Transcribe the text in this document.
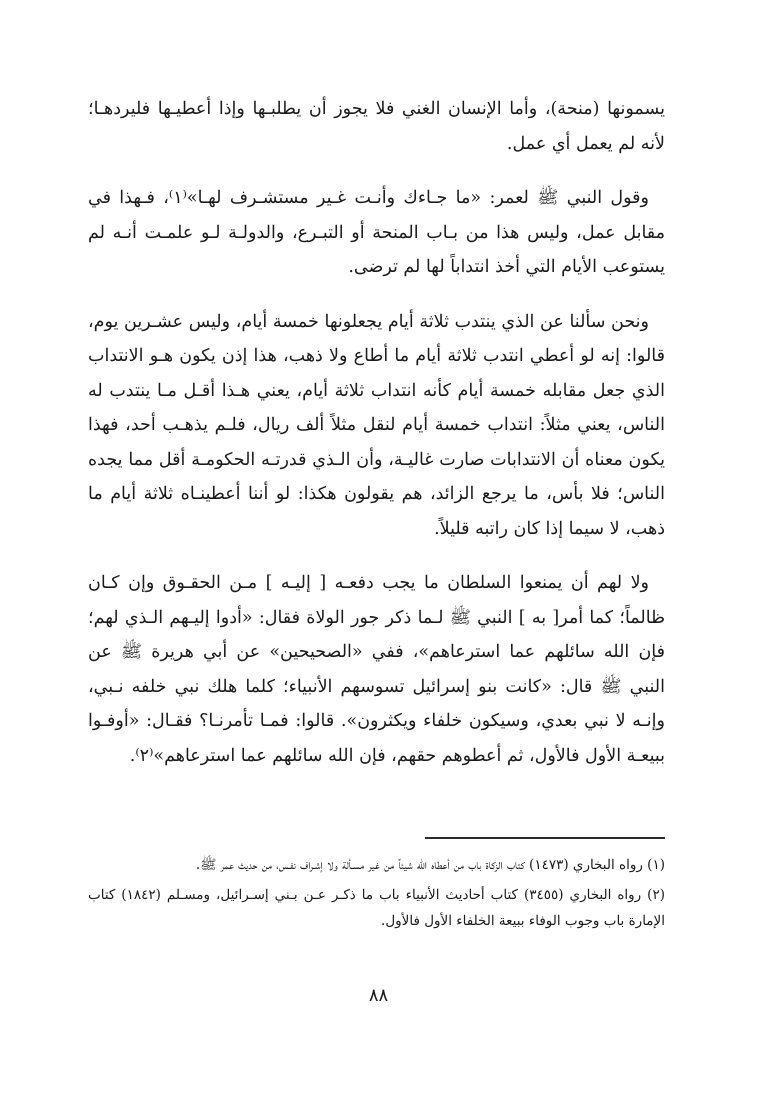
يسمونها (منحة)، وأما الإنسان الغني فلا يجوز أن يطلبـها وإذا أعطيـها فليردهـا؛ لأنه لم يعمل أي عمل.

وقول النبي ﷺ لعمر: «ما جـاءك وأنـت غـير مستشـرف لهـا»⁽١⁾، فـهذا في مقابل عمل، وليس هذا من بـاب المنحة أو التبـرع، والدولـة لـو علمـت أنـه لم يستوعب الأيام التي أخذ انتداباً لها لم ترضى.

ونحن سألنا عن الذي ينتدب ثلاثة أيام يجعلونها خمسة أيام، وليس عشـرين يوم، قالوا: إنه لو أعطي انتدب ثلاثة أيام ما أطاع ولا ذهب، هذا إذن يكون هـو الانتداب الذي جعل مقابله خمسة أيام كأنه انتداب ثلاثة أيام، يعني هـذا أقـل مـا ينتدب له الناس، يعني مثلاً: انتداب خمسة أيام لنقل مثلاً ألف ريال، فلـم يذهـب أحد، فهذا يكون معناه أن الانتدابات صارت غاليـة، وأن الـذي قدرتـه الحكومـة أقل مما يجده الناس؛ فلا بأس، ما يرجع الزائد، هم يقولون هكذا: لو أننا أعطينـاه ثلاثة أيام ما ذهب، لا سيما إذا كان راتبه قليلاً.

ولا لهم أن يمنعوا السلطان ما يجب دفعـه [ إليـه ] مـن الحقـوق وإن كـان ظالماً؛ كما أمر[ به ] النبي ﷺ لـما ذكر جور الولاة فقال: «أدوا إليـهم الـذي لهم؛ فإن الله سائلهم عما استرعاهم»، ففي «الصحيحين» عن أبي هريرة ﷺ عن النبي ﷺ قال: «كانت بنو إسرائيل تسوسهم الأنبياء؛ كلما هلك نبي خلفه نـبي، وإنـه لا نبي بعدي، وسيكون خلفاء ويكثرون». قالوا: فمـا تأمرنـا؟ فقـال: «أوفـوا ببيعـة الأول فالأول، ثم أعطوهم حقهم، فإن الله سائلهم عما استرعاهم»⁽٢⁾.

(١) رواه البخاري (١٤٧٣) كتاب الزكاة باب من أعطاه الله شيئاً من غير مسـألة ولا إشـراف نفـس، من حديث عمر ﷺ.

(٢) رواه البخاري (٣٤٥٥) كتاب أحاديث الأنبياء باب ما ذكـر عـن بـني إسـرائيل، ومسـلم (١٨٤٢) كتاب الإمارة باب وجوب الوفاء ببيعة الخلفاء الأول فالأول.

٨٨
